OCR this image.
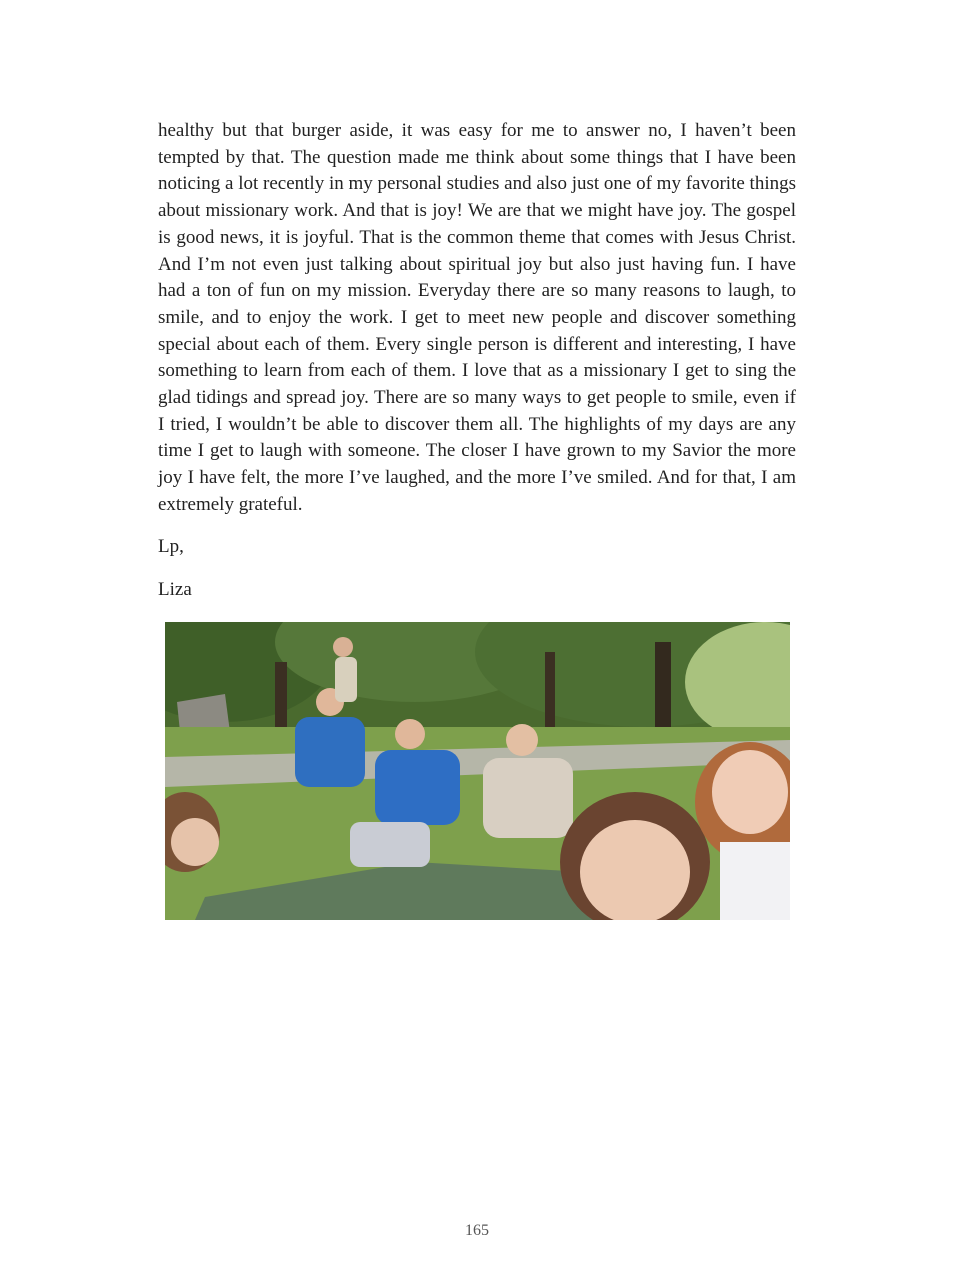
healthy but that burger aside, it was easy for me to answer no, I haven’t been tempted by that. The question made me think about some things that I have been noticing a lot recently in my personal studies and also just one of my favorite things about missionary work. And that is joy! We are that we might have joy. The gospel is good news, it is joyful. That is the common theme that comes with Jesus Christ. And I’m not even just talking about spiritual joy but also just having fun. I have had a ton of fun on my mission. Everyday there are so many reasons to laugh, to smile, and to enjoy the work. I get to meet new people and discover something special about each of them. Every single person is different and interesting, I have something to learn from each of them. I love that as a missionary I get to sing the glad tidings and spread joy. There are so many ways to get people to smile, even if I tried, I wouldn’t be able to discover them all. The highlights of my days are any time I get to laugh with someone. The closer I have grown to my Savior the more joy I have felt, the more I’ve laughed, and the more I’ve smiled. And for that, I am extremely grateful.

Lp,

Liza

165
